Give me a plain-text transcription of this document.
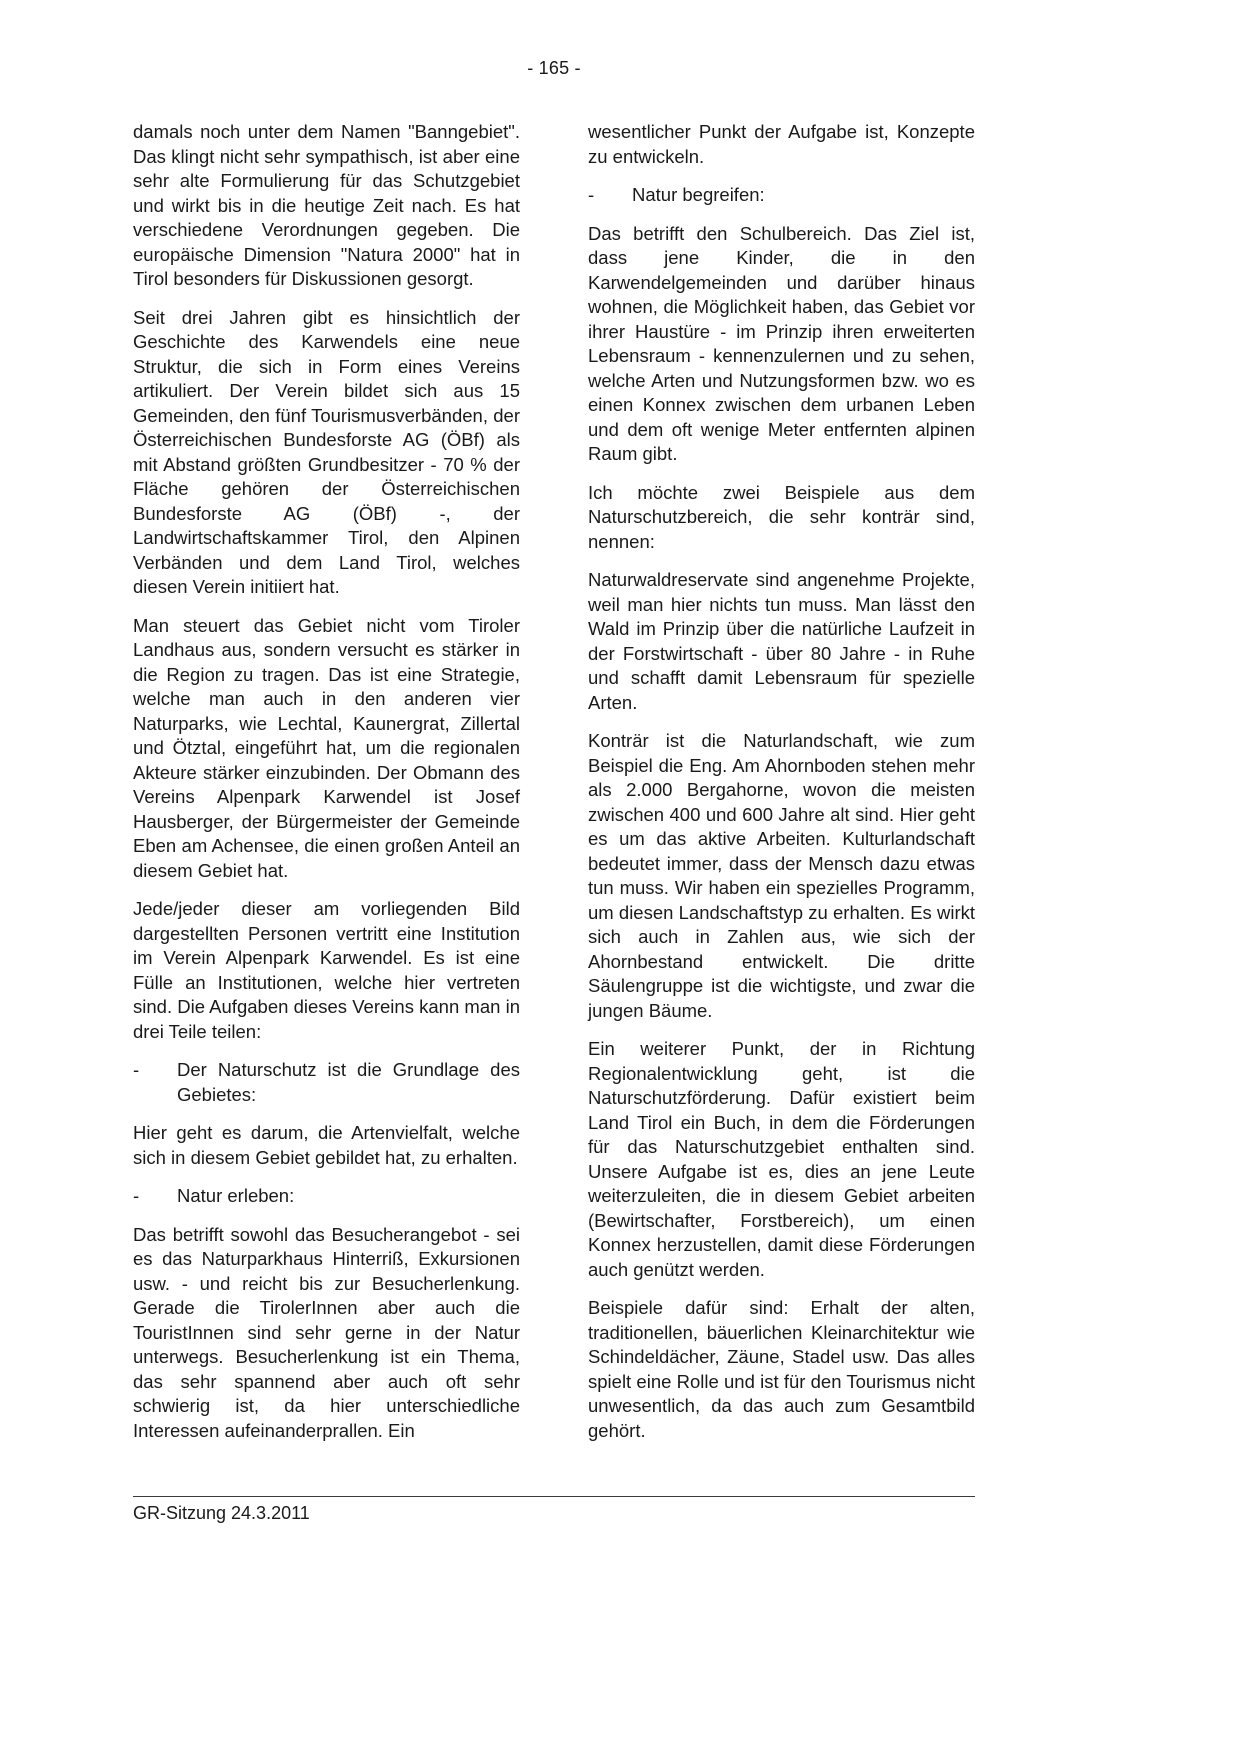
- 165 -

damals noch unter dem Namen "Banngebiet". Das klingt nicht sehr sympathisch, ist aber eine sehr alte Formulierung für das Schutzgebiet und wirkt bis in die heutige Zeit nach. Es hat verschiedene Verordnungen gegeben. Die europäische Dimension "Natura 2000" hat in Tirol besonders für Diskussionen gesorgt.

Seit drei Jahren gibt es hinsichtlich der Geschichte des Karwendels eine neue Struktur, die sich in Form eines Vereins artikuliert. Der Verein bildet sich aus 15 Gemeinden, den fünf Tourismusverbänden, der Österreichischen Bundesforste AG (ÖBf) als mit Abstand größten Grundbesitzer - 70 % der Fläche gehören der Österreichischen Bundesforste AG (ÖBf) -, der Landwirtschaftskammer Tirol, den Alpinen Verbänden und dem Land Tirol, welches diesen Verein initiiert hat.

Man steuert das Gebiet nicht vom Tiroler Landhaus aus, sondern versucht es stärker in die Region zu tragen. Das ist eine Strategie, welche man auch in den anderen vier Naturparks, wie Lechtal, Kaunergrat, Zillertal und Ötztal, eingeführt hat, um die regionalen Akteure stärker einzubinden. Der Obmann des Vereins Alpenpark Karwendel ist Josef Hausberger, der Bürgermeister der Gemeinde Eben am Achensee, die einen großen Anteil an diesem Gebiet hat.

Jede/jeder dieser am vorliegenden Bild dargestellten Personen vertritt eine Institution im Verein Alpenpark Karwendel. Es ist eine Fülle an Institutionen, welche hier vertreten sind. Die Aufgaben dieses Vereins kann man in drei Teile teilen:

-	Der Naturschutz ist die Grundlage des Gebietes:

Hier geht es darum, die Artenvielfalt, welche sich in diesem Gebiet gebildet hat, zu erhalten.

-	Natur erleben:

Das betrifft sowohl das Besucherangebot - sei es das Naturparkhaus Hinterriß, Exkursionen usw. - und reicht bis zur Besucherlenkung. Gerade die TirolerInnen aber auch die TouristInnen sind sehr gerne in der Natur unterwegs. Besucherlenkung ist ein Thema, das sehr spannend aber auch oft sehr schwierig ist, da hier unterschiedliche Interessen aufeinanderprallen. Ein

wesentlicher Punkt der Aufgabe ist, Konzepte zu entwickeln.

-	Natur begreifen:

Das betrifft den Schulbereich. Das Ziel ist, dass jene Kinder, die in den Karwendelgemeinden und darüber hinaus wohnen, die Möglichkeit haben, das Gebiet vor ihrer Haustüre - im Prinzip ihren erweiterten Lebensraum - kennenzulernen und zu sehen, welche Arten und Nutzungsformen bzw. wo es einen Konnex zwischen dem urbanen Leben und dem oft wenige Meter entfernten alpinen Raum gibt.

Ich möchte zwei Beispiele aus dem Naturschutzbereich, die sehr konträr sind, nennen:

Naturwaldreservate sind angenehme Projekte, weil man hier nichts tun muss. Man lässt den Wald im Prinzip über die natürliche Laufzeit in der Forstwirtschaft - über 80 Jahre - in Ruhe und schafft damit Lebensraum für spezielle Arten.

Konträr ist die Naturlandschaft, wie zum Beispiel die Eng. Am Ahornboden stehen mehr als 2.000 Bergahorne, wovon die meisten zwischen 400 und 600 Jahre alt sind. Hier geht es um das aktive Arbeiten. Kulturlandschaft bedeutet immer, dass der Mensch dazu etwas tun muss. Wir haben ein spezielles Programm, um diesen Landschaftstyp zu erhalten. Es wirkt sich auch in Zahlen aus, wie sich der Ahornbestand entwickelt. Die dritte Säulengruppe ist die wichtigste, und zwar die jungen Bäume.

Ein weiterer Punkt, der in Richtung Regionalentwicklung geht, ist die Naturschutzförderung. Dafür existiert beim Land Tirol ein Buch, in dem die Förderungen für das Naturschutzgebiet enthalten sind. Unsere Aufgabe ist es, dies an jene Leute weiterzuleiten, die in diesem Gebiet arbeiten (Bewirtschafter, Forstbereich), um einen Konnex herzustellen, damit diese Förderungen auch genützt werden.

Beispiele dafür sind: Erhalt der alten, traditionellen, bäuerlichen Kleinarchitektur wie Schindeldächer, Zäune, Stadel usw. Das alles spielt eine Rolle und ist für den Tourismus nicht unwesentlich, da das auch zum Gesamtbild gehört.

GR-Sitzung 24.3.2011
